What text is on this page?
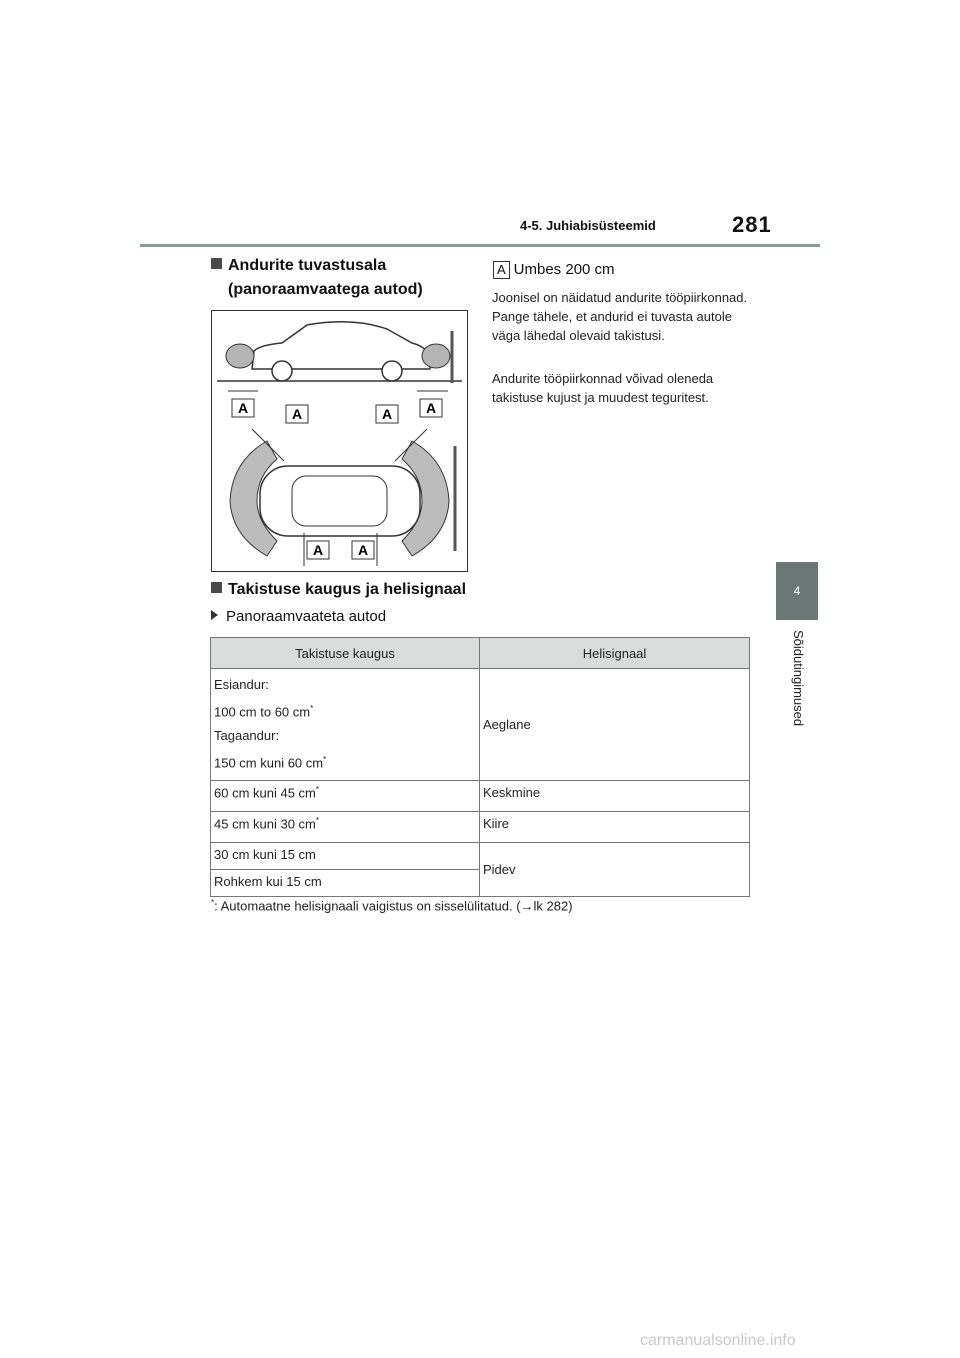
4-5. Juhiabisüsteemid	281
4
Sõidutingimused
Andurite tuvastusala
(panoraamvaatega autod)
A	A	A A
A A
A Umbes 200 cm
Joonisel on näidatud andurite tööpiirkonnad. Pange tähele, et andurid ei tuvasta autole väga lähedal olevaid takistusi.
Andurite tööpiirkonnad võivad oleneda takistuse kujust ja muudest teguritest.
Takistuse kaugus ja helisignaal
Panoraamvaateta autod
Takistuse kaugus	Helisignaal

Esiandur:
100 cm to 60 cm*
Tagaandur:
150 cm kuni 60 cm*	Aeglane
60 cm kuni 45 cm*	Keskmine
45 cm kuni 30 cm*	Kiire
30 cm kuni 15 cm	Pidev
Rohkem kui 15 cm	
*: Automaatne helisignaali vaigistus on sisselülitatud. (→lk 282)
carmanualsonline.info
